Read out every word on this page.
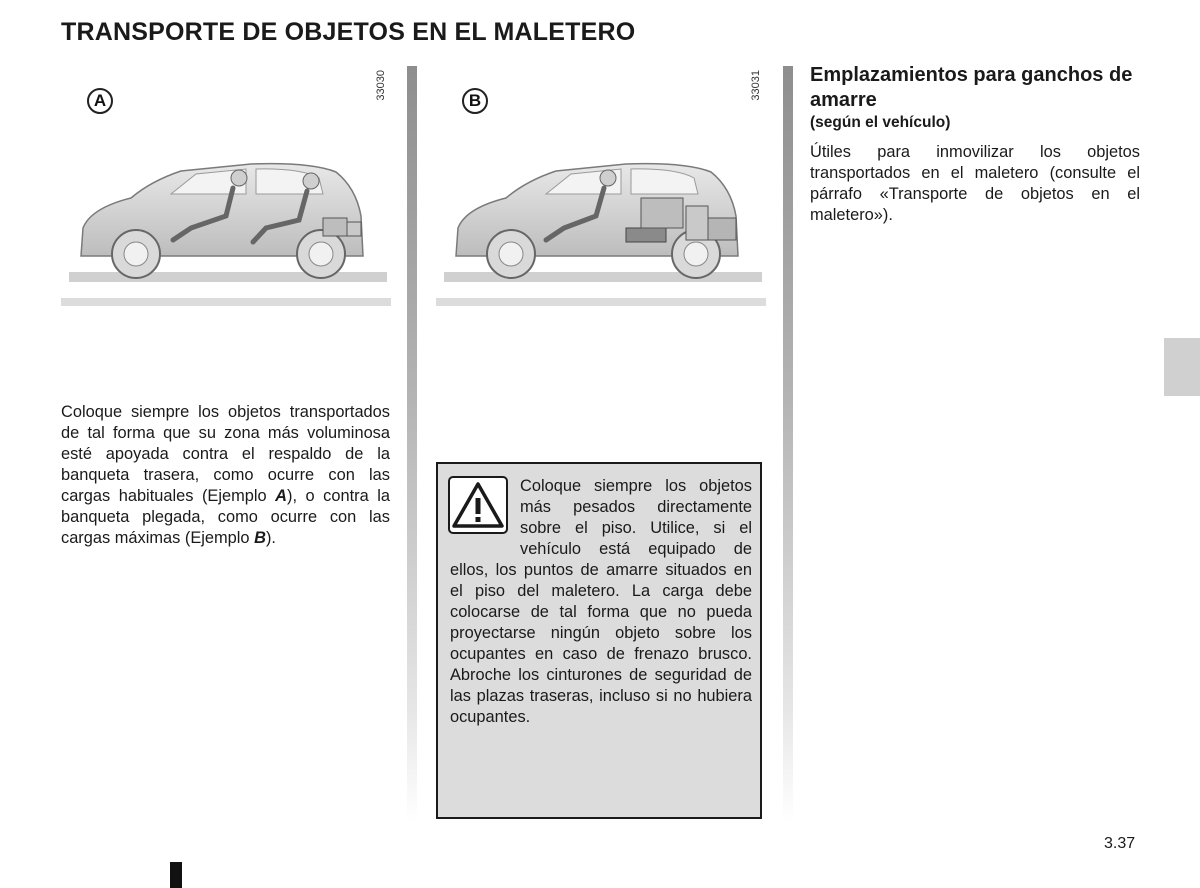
TRANSPORTE DE OBJETOS EN EL MALETERO
A	33030	B	33031
Coloque siempre los objetos transportados de tal forma que su zona más voluminosa esté apoyada contra el respaldo de la banqueta trasera, como ocurre con las cargas habituales (Ejemplo A), o contra la banqueta plegada, como ocurre con las cargas máximas (Ejemplo B).
Coloque siempre los objetos más pesados directamente sobre el piso. Utilice, si el vehículo está equipado de ellos, los puntos de amarre situados en el piso del maletero. La carga debe colocarse de tal forma que no pueda proyectarse ningún objeto sobre los ocupantes en caso de frenazo brusco. Abroche los cinturones de seguridad de las plazas traseras, incluso si no hubiera ocupantes.
Emplazamientos para ganchos de amarre
(según el vehículo)
Útiles para inmovilizar los objetos transportados en el maletero (consulte el párrafo «Transporte de objetos en el maletero»).
3.37
